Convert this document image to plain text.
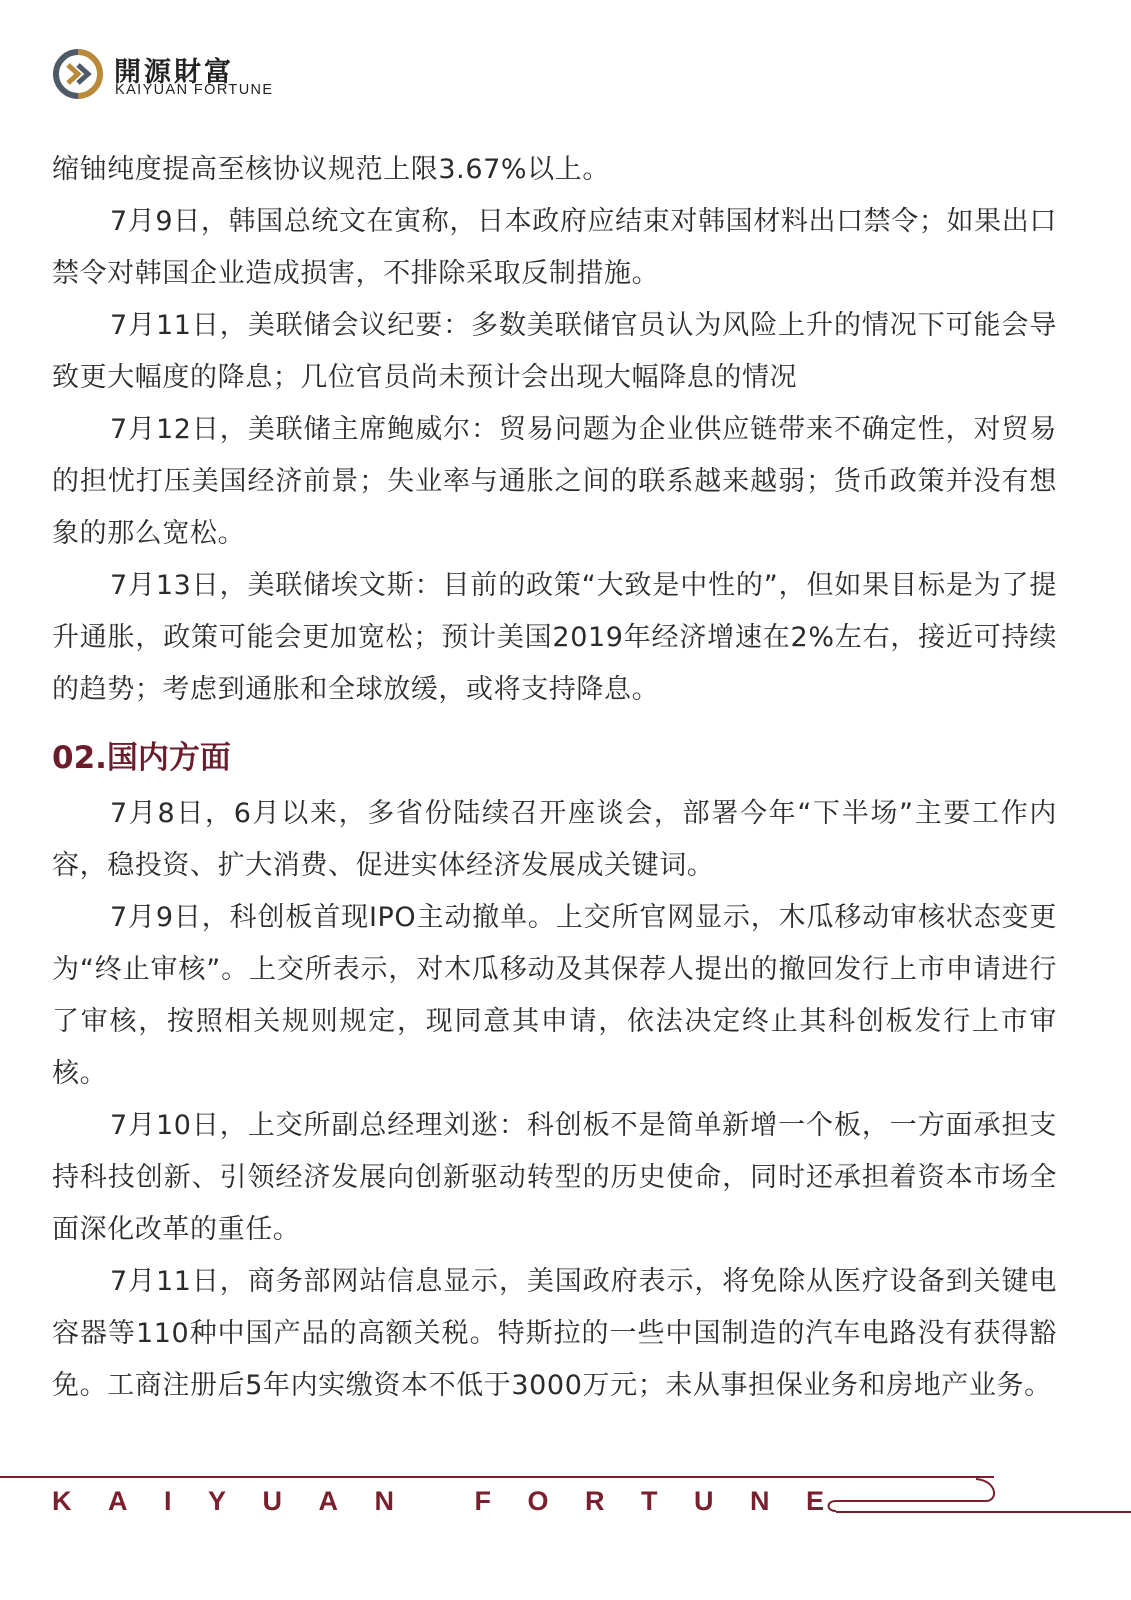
開源財富
KAIYUAN FORTUNE

缩铀纯度提高至核协议规范上限3.67%以上。

7月9日，韩国总统文在寅称，日本政府应结束对韩国材料出口禁令；如果出口禁令对韩国企业造成损害，不排除采取反制措施。

7月11日，美联储会议纪要：多数美联储官员认为风险上升的情况下可能会导致更大幅度的降息；几位官员尚未预计会出现大幅降息的情况

7月12日，美联储主席鲍威尔：贸易问题为企业供应链带来不确定性，对贸易的担忧打压美国经济前景；失业率与通胀之间的联系越来越弱；货币政策并没有想象的那么宽松。

7月13日，美联储埃文斯：目前的政策“大致是中性的”，但如果目标是为了提升通胀，政策可能会更加宽松；预计美国2019年经济增速在2%左右，接近可持续的趋势；考虑到通胀和全球放缓，或将支持降息。

02.国内方面

7月8日，6月以来，多省份陆续召开座谈会，部署今年“下半场”主要工作内容，稳投资、扩大消费、促进实体经济发展成关键词。

7月9日，科创板首现IPO主动撤单。上交所官网显示，木瓜移动审核状态变更为“终止审核”。上交所表示，对木瓜移动及其保荐人提出的撤回发行上市申请进行了审核，按照相关规则规定，现同意其申请，依法决定终止其科创板发行上市审核。

7月10日，上交所副总经理刘逖：科创板不是简单新增一个板，一方面承担支持科技创新、引领经济发展向创新驱动转型的历史使命，同时还承担着资本市场全面深化改革的重任。

7月11日，商务部网站信息显示，美国政府表示，将免除从医疗设备到关键电容器等110种中国产品的高额关税。特斯拉的一些中国制造的汽车电路没有获得豁免。工商注册后5年内实缴资本不低于3000万元；未从事担保业务和房地产业务。

KAIYUAN FORTUNE
